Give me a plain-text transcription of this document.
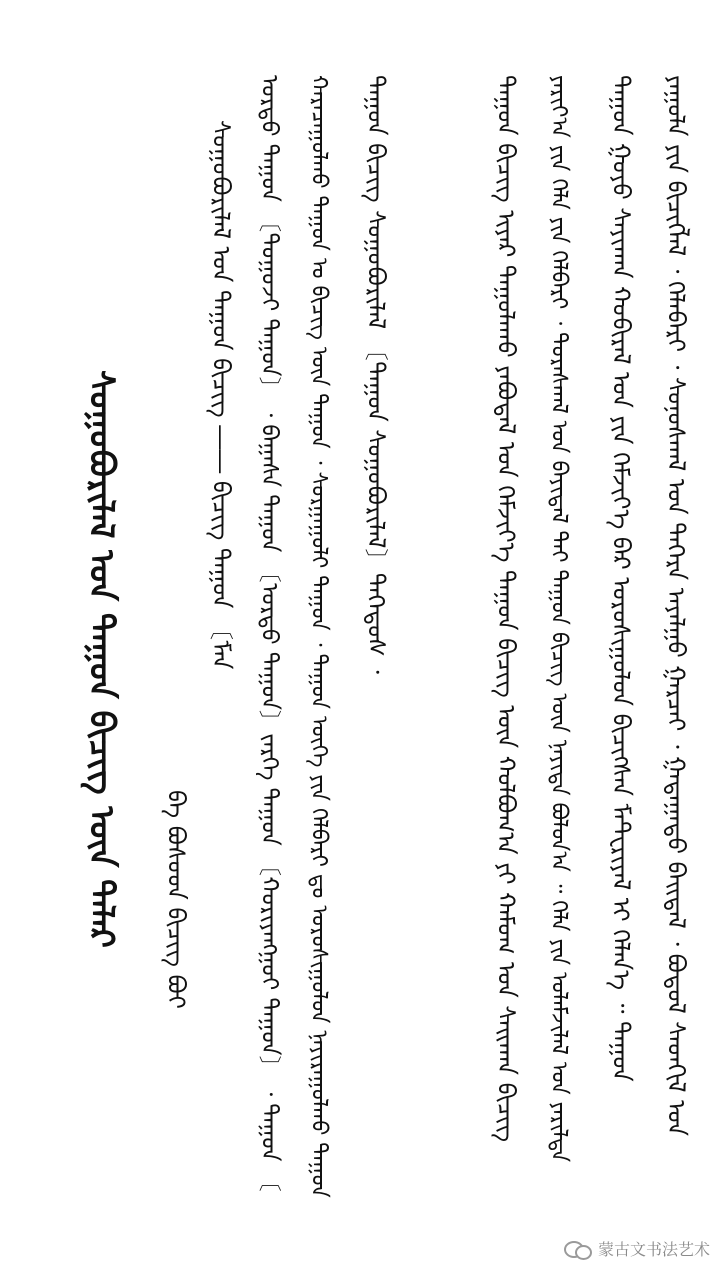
ᠰᠤᠭᠤᠪᠤᠷᠢᠯᠠᠯ ᠤᠨ ᠳᠠᠭᠤᠨ ᠪᠢᠴᠢᠭ ᠦᠨ ᠲᠠᠯᠠᠷ	ᠪᠠ ᠪᠤᠰᠤᠳ ᠪᠢᠴᠢᠭ ᠪᠤᠢ
ᠰᠤᠭᠤᠪᠤᠷᠢᠯᠠᠯ ᠤᠨ ᠳᠠᠭᠤᠨ ᠪᠢᠴᠢᠭ ―― ᠪᠢᠴᠢᠭ ᠳᠠᠭᠤᠨ 〔ᠮᠡᠨ ᠤᠷᠲᠤ ᠳᠠᠭᠤᠨ 〔ᠲᠤᠭᠤᠵᠢ ᠳᠠᠭᠤᠨ〕 ᠂ ᠪᠠᠭᠠᠰᠠ ᠳᠠᠭᠤᠨ 〔ᠤᠷᠲᠤ ᠳᠠᠭᠤᠨ〕ᠵᠡᠷᠭᠡ ᠳᠠᠭᠤᠨ 〔ᠬᠤᠷᠢᠶᠠᠩᠭᠤᠢ ᠳᠠᠭᠤᠨ〕 ᠂ ᠳᠠᠭᠤᠨ 〔	ᠬᠠᠷᠠᠴᠠᠭᠤᠯᠬᠤ ᠳᠠᠭᠤᠨ ᠤ ᠪᠢᠴᠢᠭ ᠦᠨ ᠳᠠᠭᠤᠨ ᠂ ᠰᠤᠷᠭᠠᠭᠤᠯᠢ ᠳᠠᠭᠤᠨ ᠂ ᠳᠠᠭᠤᠨ ᠦᠭᠡ ᠶᠢᠨ ᠬᠡᠯᠪᠡᠷᠢ ᠳᠤ ᠤᠷᠤᠰᠢᠭᠤᠯᠤᠨ ᠨᠠᠶᠢᠷᠠᠭᠤᠯᠬᠤ ᠳᠠᠭᠤᠨ	ᠳᠠᠭᠤᠨ ᠪᠢᠴᠢᠭ ᠰᠤᠭᠤᠪᠤᠷᠢᠯᠠᠯ 〔ᠳᠠᠭᠤᠨ ᠰᠤᠭᠤᠪᠤᠷᠢᠯᠠᠯ〕ᠳᠡᠭᠡᠳᠦᠰ ᠂	ᠳᠠᠭᠤᠨ ᠪᠢᠴᠢᠭ ᠢᠶᠡᠷ ᠳᠠᠭᠤᠯᠠᠬᠤ ᠶᠠᠪᠤᠳᠠᠯ ᠤᠨ ᠬᠡᠮᠵᠢᠶ᠎ᠡ ᠳᠠᠭᠤᠨ ᠪᠢᠴᠢᠭ ᠦᠨ ᠬᠣᠯᠪᠣᠭ᠎ᠠ ᠶᠢ ᠬᠠᠮᠤᠭ ᠤᠨ ᠰᠠᠢᠬᠠᠨ ᠪᠢᠴᠢᠭ	ᠶᠠᠷᠢᠶ᠎ᠠ ᠶᠢᠨ ᠬᠡᠯᠡ ᠶᠢᠨ ᠬᠡᠯᠪᠡᠷᠢ ᠂ ᠳᠤᠷᠠᠰᠬᠠᠯ ᠤᠨ ᠪᠠᠶᠢᠳᠠᠯ ᠲᠠᠢ ᠳᠠᠭᠤᠨ ᠪᠢᠴᠢᠭ ᠦᠨ ᠨᠡᠶᠢᠲᠡ ᠪᠣᠯᠤᠨ᠎ᠠ ᠃ ᠬᠡᠯᠡ ᠶᠢᠨ ᠤᠯᠠᠮᠵᠢᠯᠠᠯ ᠤᠨ ᠶᠠᠷᠢᠯᠲᠠ	ᠳᠠᠭᠤᠨ ᠭᠤᠶᠤ ᠰᠠᠶᠢᠬᠠᠨ ᠬᠤᠪᠢᠷᠠᠯ ᠤᠨ ᠶᠢᠨ ᠬᠡᠮᠵᠢᠶ᠎ᠡ ᠪᠡᠷ ᠤᠷᠤᠰᠢᠭᠤᠯᠤᠨ ᠪᠢᠴᠢᠭᠰᠡᠨ ᠮᠠᠲ᠋ᠧᠷᠢᠶᠠᠯ ᠢ ᠬᠡᠯᠡᠨ᠎ᠡ ᠃ ᠳᠠᠭᠤᠨ	ᠶᠠᠭᠤᠯᠠ ᠶᠢᠨ ᠪᠢᠴᠢᠭᠯᠡᠯ ᠂ ᠬᠡᠯᠡᠪᠡᠷᠢ ᠂ ᠰᠤᠨᠤᠰᠬᠠᠯ ᠤᠨ ᠳᠡᠭᠡᠷᠡ ᠠᠶᠠᠯᠭᠤ ᠭᠠᠷᠴᠠᠢ ᠂ ᠭᠠᠳᠠᠭᠠᠳᠤ ᠪᠠᠢᠳᠠᠯ ᠂ ᠪᠤᠳᠤᠯ ᠰᠡᠳᠬᠢᠯ ᠤᠨ
蒙古文书法艺术
